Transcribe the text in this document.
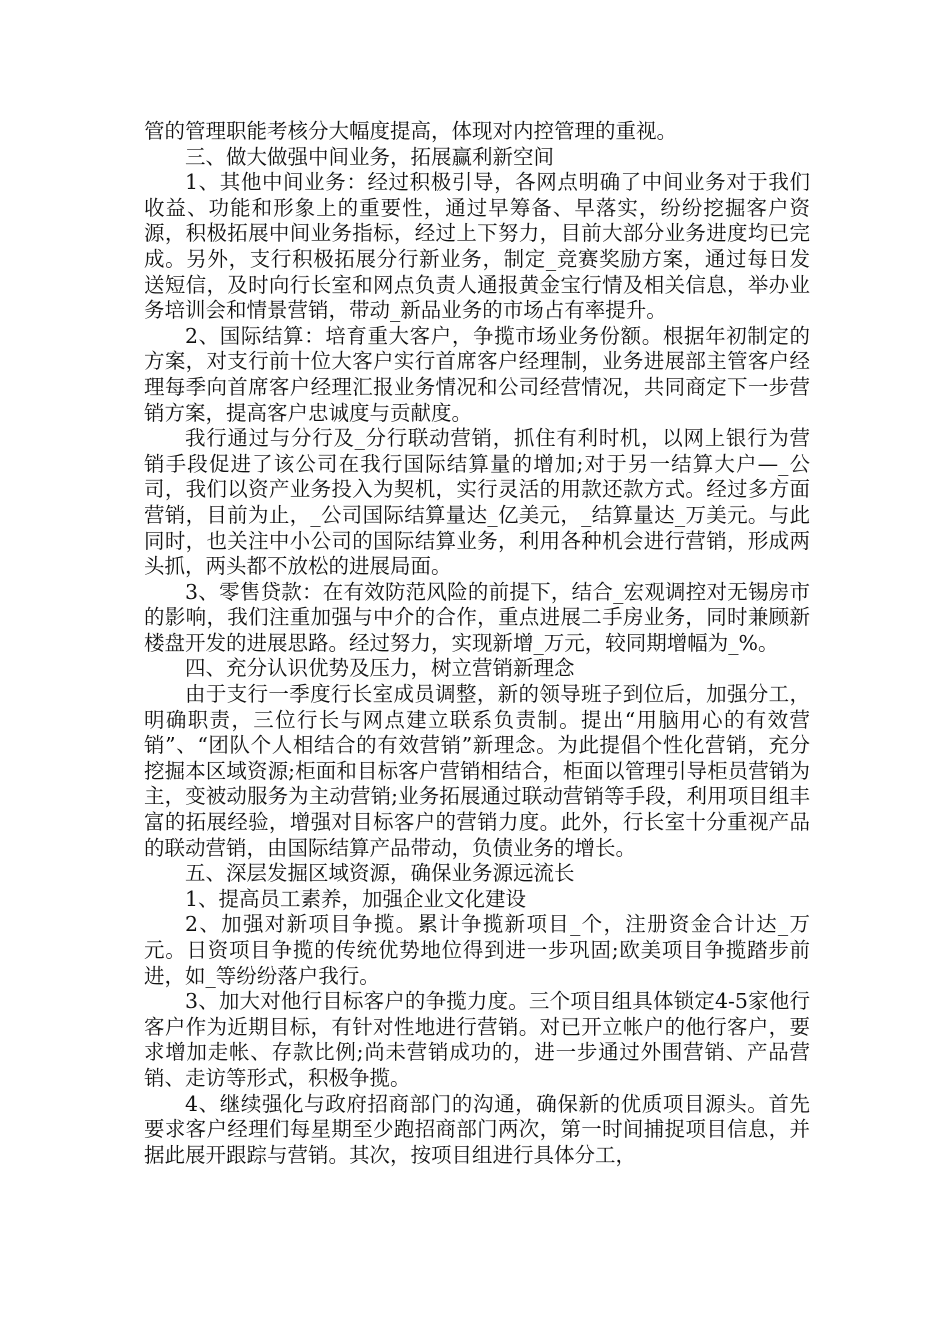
管的管理职能考核分大幅度提高，体现对内控管理的重视。

三、做大做强中间业务，拓展赢利新空间

1、其他中间业务：经过积极引导，各网点明确了中间业务对于我们收益、功能和形象上的重要性，通过早筹备、早落实，纷纷挖掘客户资源，积极拓展中间业务指标，经过上下努力，目前大部分业务进度均已完成。另外，支行积极拓展分行新业务，制定_竞赛奖励方案，通过每日发送短信，及时向行长室和网点负责人通报黄金宝行情及相关信息，举办业务培训会和情景营销，带动_新品业务的市场占有率提升。

2、国际结算：培育重大客户，争揽市场业务份额。根据年初制定的方案，对支行前十位大客户实行首席客户经理制，业务进展部主管客户经理每季向首席客户经理汇报业务情况和公司经营情况，共同商定下一步营销方案，提高客户忠诚度与贡献度。

我行通过与分行及_分行联动营销，抓住有利时机，以网上银行为营销手段促进了该公司在我行国际结算量的增加;对于另一结算大户—_公司，我们以资产业务投入为契机，实行灵活的用款还款方式。经过多方面营销，目前为止，_公司国际结算量达_亿美元，_结算量达_万美元。与此同时，也关注中小公司的国际结算业务，利用各种机会进行营销，形成两头抓，两头都不放松的进展局面。

3、零售贷款：在有效防范风险的前提下，结合_宏观调控对无锡房市的影响，我们注重加强与中介的合作，重点进展二手房业务，同时兼顾新楼盘开发的进展思路。经过努力，实现新增_万元，较同期增幅为_%。

四、充分认识优势及压力，树立营销新理念

由于支行一季度行长室成员调整，新的领导班子到位后，加强分工，明确职责，三位行长与网点建立联系负责制。提出“用脑用心的有效营销”、“团队个人相结合的有效营销”新理念。为此提倡个性化营销，充分挖掘本区域资源;柜面和目标客户营销相结合，柜面以管理引导柜员营销为主，变被动服务为主动营销;业务拓展通过联动营销等手段，利用项目组丰富的拓展经验，增强对目标客户的营销力度。此外，行长室十分重视产品的联动营销，由国际结算产品带动，负债业务的增长。

五、深层发掘区域资源，确保业务源远流长

1、提高员工素养，加强企业文化建设

2、加强对新项目争揽。累计争揽新项目_个，注册资金合计达_万元。日资项目争揽的传统优势地位得到进一步巩固;欧美项目争揽踏步前进，如_等纷纷落户我行。

3、加大对他行目标客户的争揽力度。三个项目组具体锁定4-5家他行客户作为近期目标，有针对性地进行营销。对已开立帐户的他行客户，要求增加走帐、存款比例;尚未营销成功的，进一步通过外围营销、产品营销、走访等形式，积极争揽。

4、继续强化与政府招商部门的沟通，确保新的优质项目源头。首先要求客户经理们每星期至少跑招商部门两次，第一时间捕捉项目信息，并据此展开跟踪与营销。其次，按项目组进行具体分工，
